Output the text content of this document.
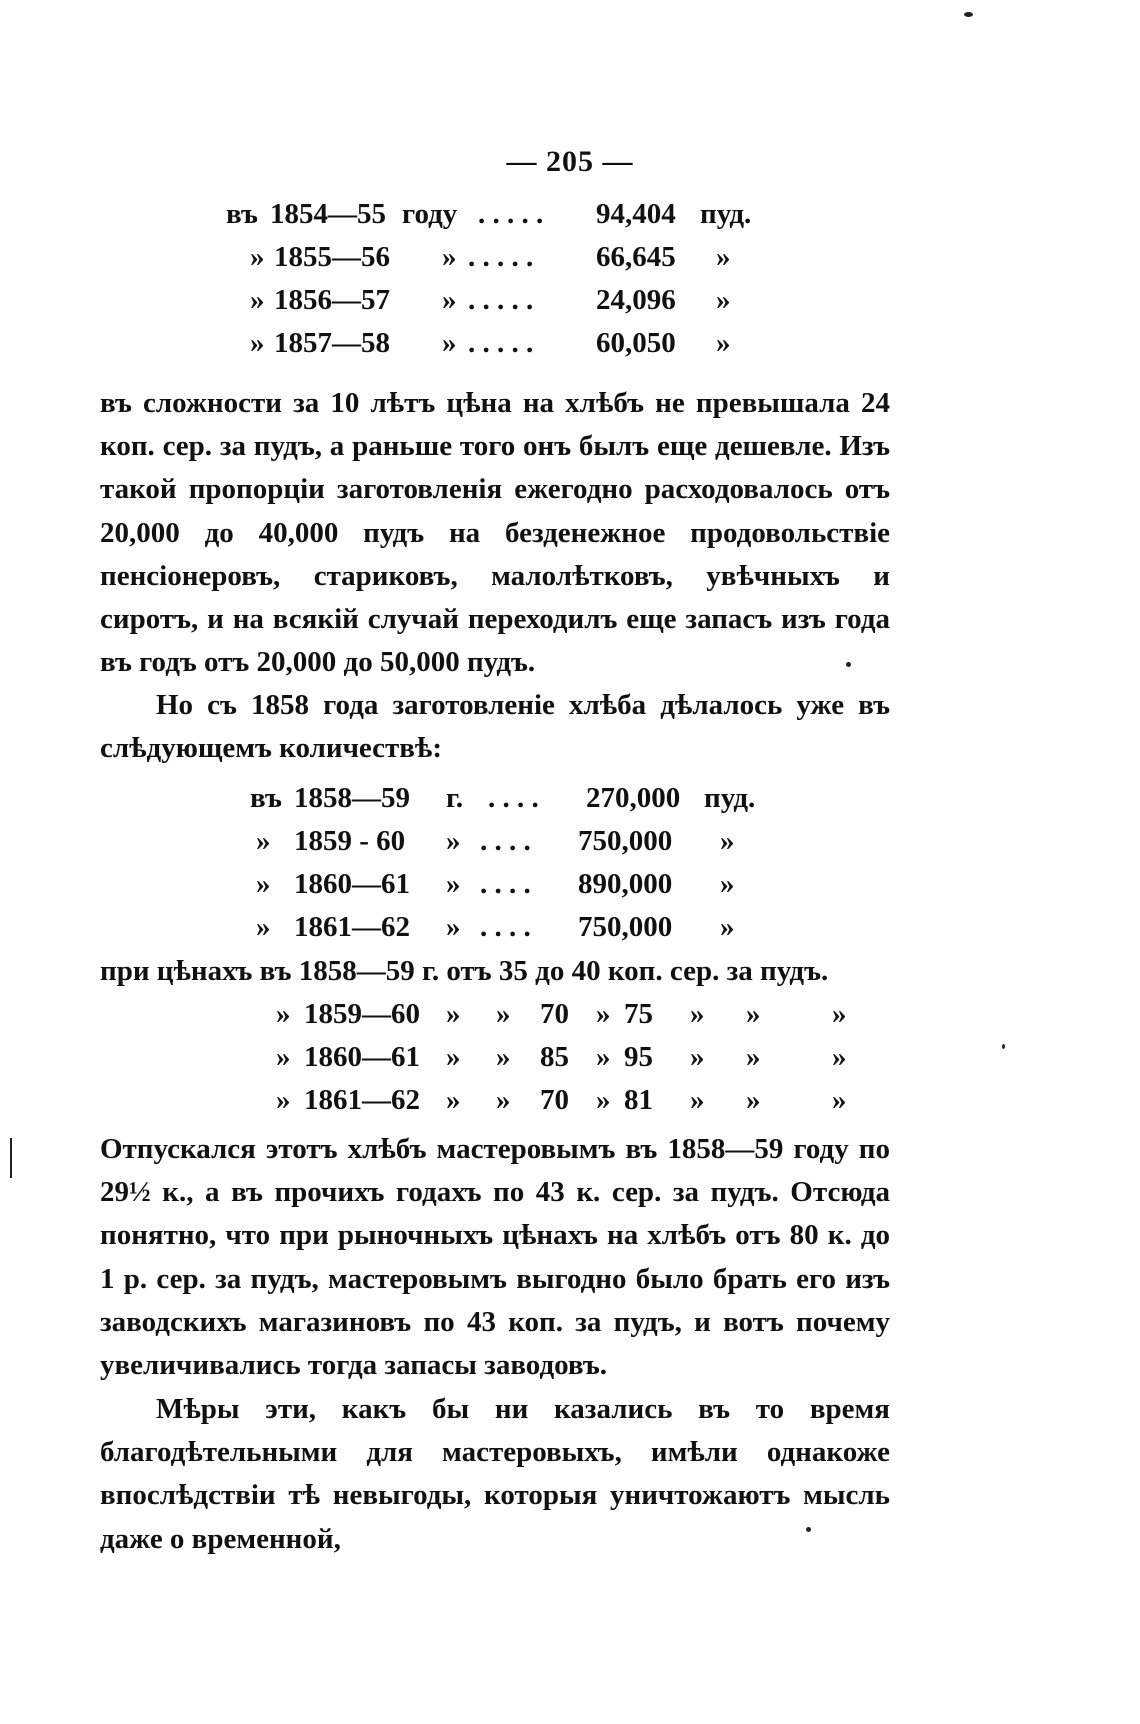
— 205 —
въ 1854—55 году . . . . . 94,404 пуд.
» 1855—56 » . . . . . 66,645 »
» 1856—57 » . . . . . 24,096 »
» 1857—58 » . . . . . 60,050 »
въ сложности за 10 лѣтъ цѣна на хлѣбъ не превышала 24 коп. сер. за пудъ, а раньше того онъ былъ еще дешевле. Изъ такой пропорціи заготовленія ежегодно расходовалось отъ 20,000 до 40,000 пудъ на безденежное продовольствіе пенсіонеровъ, стариковъ, малолѣтковъ, увѣчныхъ и сиротъ, и на всякій случай переходилъ еще запасъ изъ года въ годъ отъ 20,000 до 50,000 пудъ.
Но съ 1858 года заготовленіе хлѣба дѣлалось уже въ слѣдующемъ количествѣ:
въ 1858—59 г. . . . . 270,000 пуд.
» 1859 - 60 » . . . . 750,000 »
» 1860—61 » . . . . 890,000 »
» 1861—62 » . . . . 750,000 »
при цѣнахъ въ 1858—59 г. отъ 35 до 40 коп. сер. за пудъ.
» 1859—60 » » 70 » 75 » » »
» 1860—61 » » 85 » 95 » » »
» 1861—62 » » 70 » 81 » » »
Отпускался этотъ хлѣбъ мастеровымъ въ 1858—59 году по 29½ к., а въ прочихъ годахъ по 43 к. сер. за пудъ. Отсюда понятно, что при рыночныхъ цѣнахъ на хлѣбъ отъ 80 к. до 1 р. сер. за пудъ, мастеровымъ выгодно было брать его изъ заводскихъ магазиновъ по 43 коп. за пудъ, и вотъ почему увеличивались тогда запасы заводовъ.
Мѣры эти, какъ бы ни казались въ то время благодѣтельными для мастеровыхъ, имѣли однакоже впослѣдствіи тѣ невыгоды, которыя уничтожаютъ мысль даже о временной,
